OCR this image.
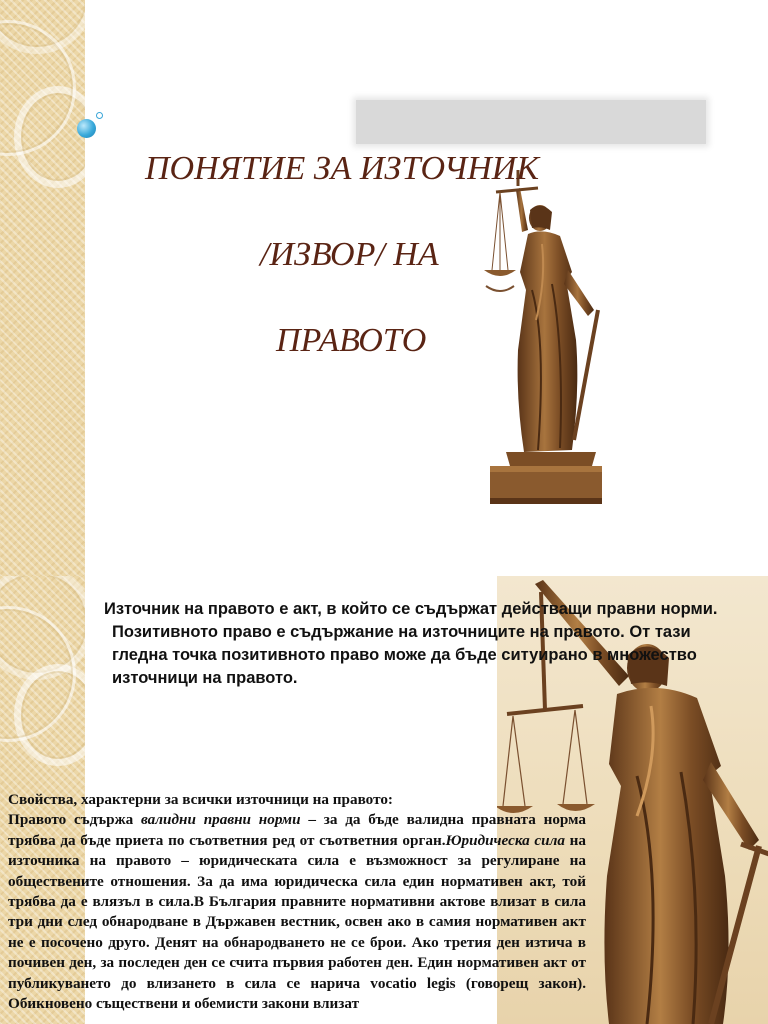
ПОНЯТИЕ ЗА ИЗТОЧНИК
/ИЗВОР/ НА
ПРАВОТО
Източник на правото е акт, в който се съдържат действащи правни норми.
Позитивното право е съдържание на източниците на правото. От тази
гледна точка позитивното право може да бъде ситуирано в множество
източници на правото.

Свойства, характерни за всички източници на правото:

Правото съдържа валидни правни норми – за да бъде валидна правната норма трябва да бъде приета по съответния ред от съответния орган.Юридическа сила на източника на правото – юридическата сила е възможност за регулиране на обществените отношения. За да има юридическа сила един нормативен акт, той трябва да е влязъл в сила.В България правните нормативни актове влизат в сила три дни след обнародване в Държавен вестник, освен ако в самия нормативен акт не е посочено друго. Денят на обнародването не се брои. Ако третия ден изтича в почивен ден, за последен ден се счита първия работен ден. Един нормативен акт от публикуването до влизането в сила се нарича vocatio legis (говорещ закон). Обикновено съществени и обемисти закони влизат
